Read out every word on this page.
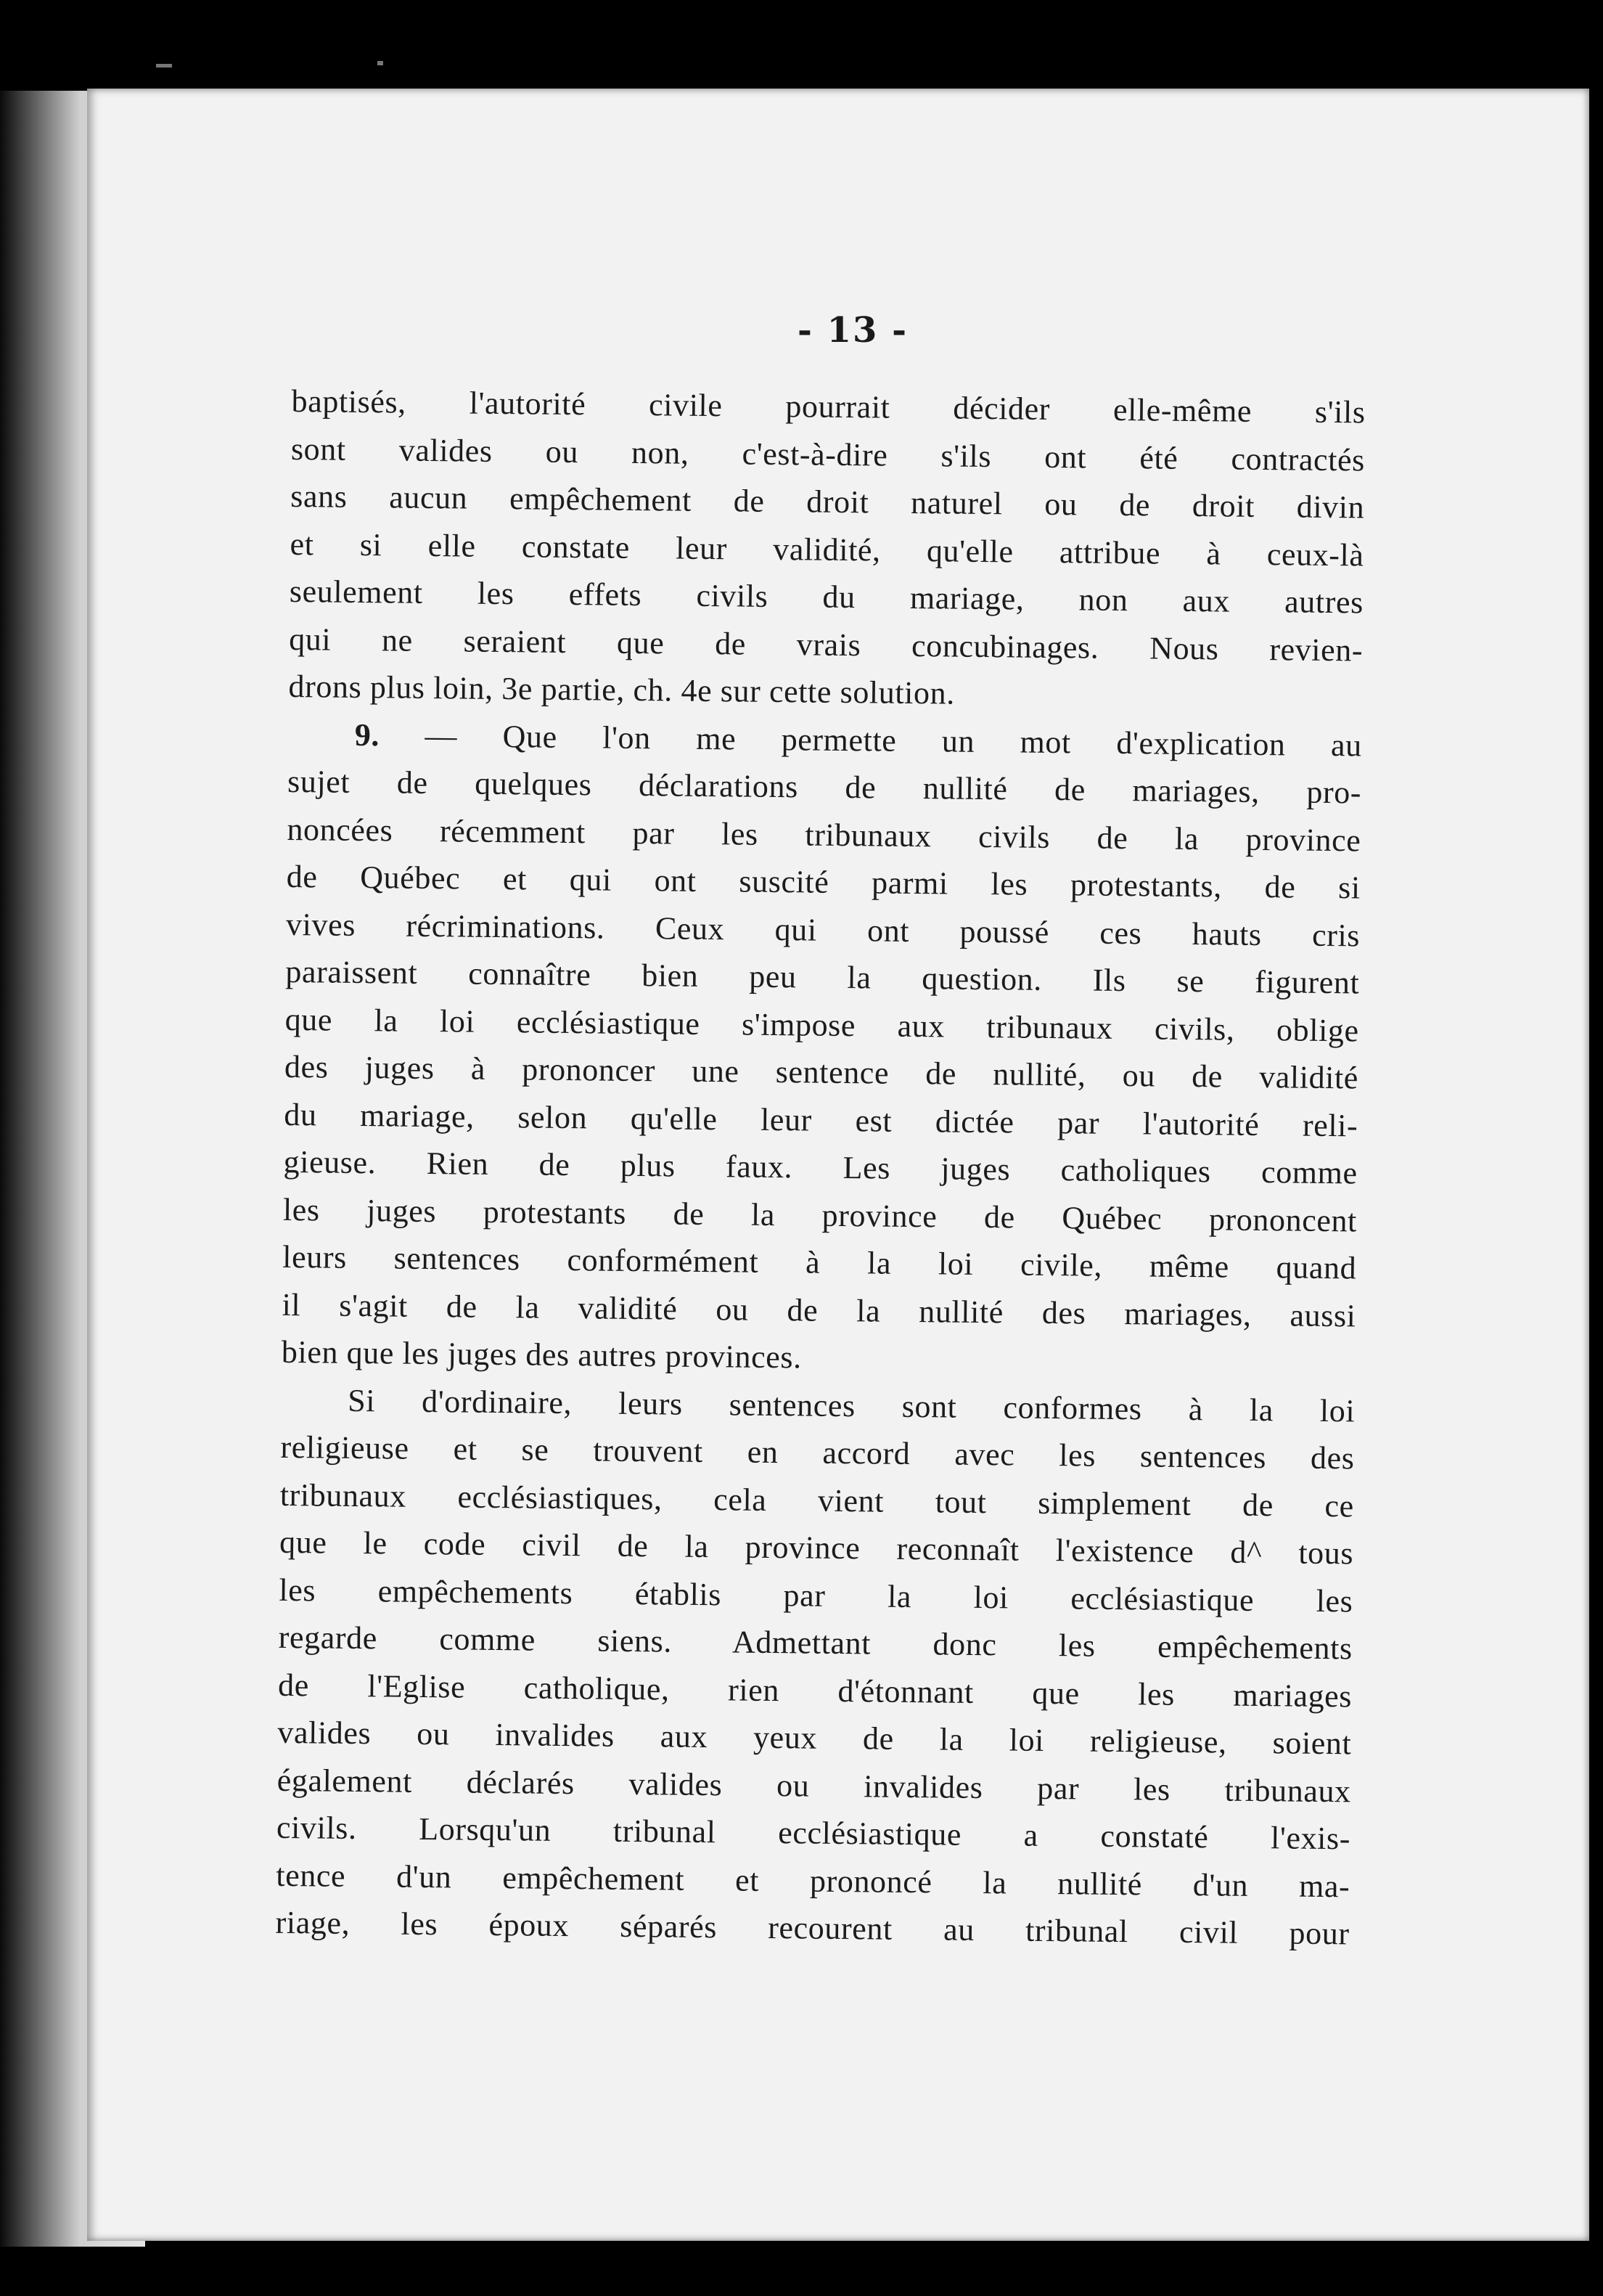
- 13 -
baptisés, l'autorité civile pourrait décider elle-même s'ils
sont valides ou non, c'est-à-dire s'ils ont été contractés
sans aucun empêchement de droit naturel ou de droit divin
et si elle constate leur validité, qu'elle attribue à ceux-là
seulement les effets civils du mariage, non aux autres
qui ne seraient que de vrais concubinages. Nous revien-
drons plus loin, 3e partie, ch. 4e sur cette solution.
9. — Que l'on me permette un mot d'explication au
sujet de quelques déclarations de nullité de mariages, pro-
noncées récemment par les tribunaux civils de la province
de Québec et qui ont suscité parmi les protestants, de si
vives récriminations. Ceux qui ont poussé ces hauts cris
paraissent connaître bien peu la question. Ils se figurent
que la loi ecclésiastique s'impose aux tribunaux civils, oblige
des juges à prononcer une sentence de nullité, ou de validité
du mariage, selon qu'elle leur est dictée par l'autorité reli-
gieuse. Rien de plus faux. Les juges catholiques comme
les juges protestants de la province de Québec prononcent
leurs sentences conformément à la loi civile, même quand
il s'agit de la validité ou de la nullité des mariages, aussi
bien que les juges des autres provinces.
Si d'ordinaire, leurs sentences sont conformes à la loi
religieuse et se trouvent en accord avec les sentences des
tribunaux ecclésiastiques, cela vient tout simplement de ce
que le code civil de la province reconnaît l'existence d^ tous
les empêchements établis par la loi ecclésiastique les
regarde comme siens. Admettant donc les empêchements
de l'Eglise catholique, rien d'étonnant que les mariages
valides ou invalides aux yeux de la loi religieuse, soient
également déclarés valides ou invalides par les tribunaux
civils. Lorsqu'un tribunal ecclésiastique a constaté l'exis-
tence d'un empêchement et prononcé la nullité d'un ma-
riage, les époux séparés recourent au tribunal civil pour
